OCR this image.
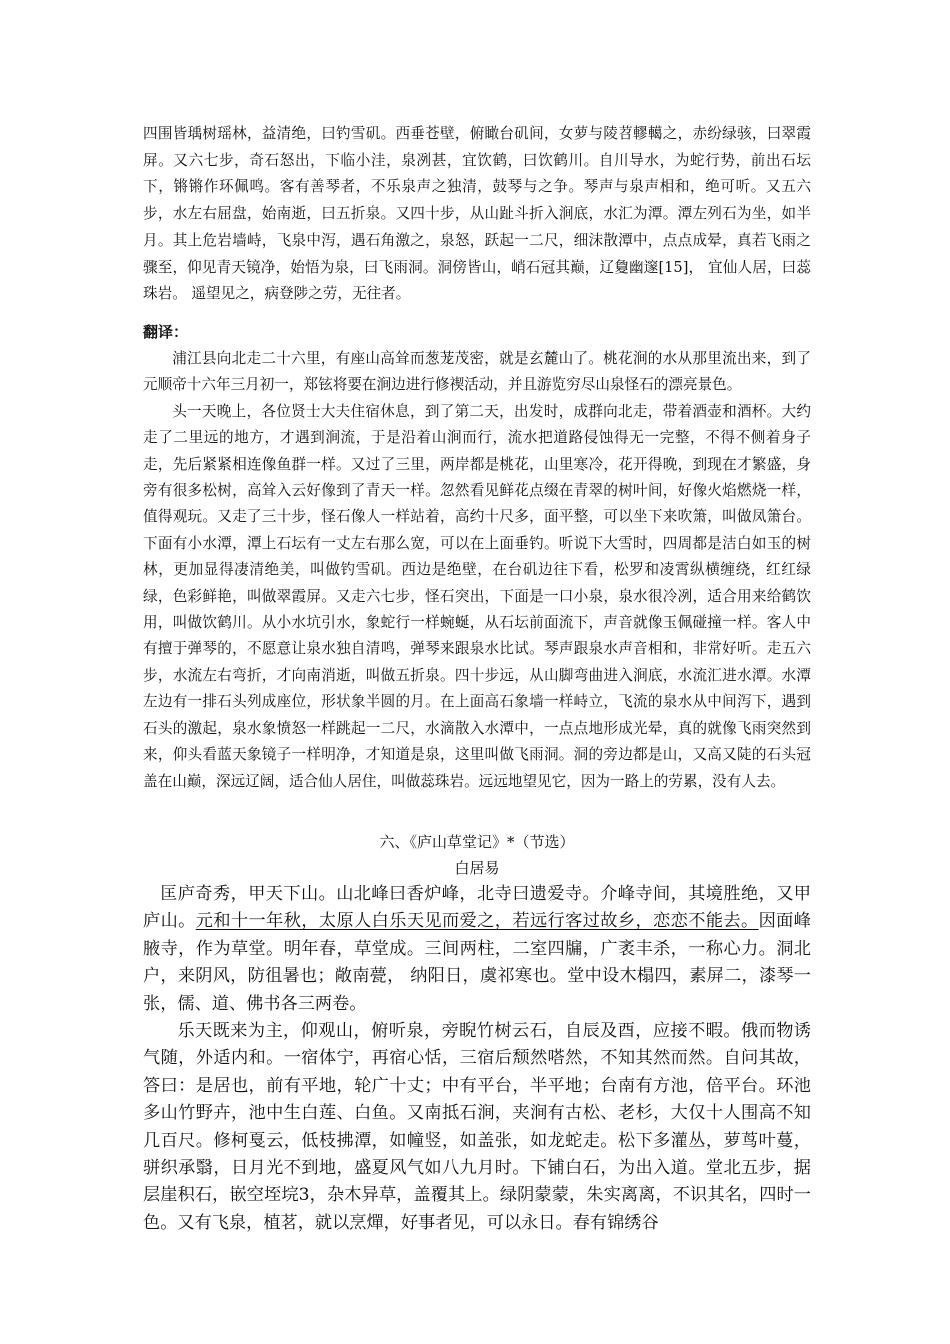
四围皆瑀树瑶林，益清绝，曰钓雪矶。西垂苍壁，俯瞰台矶间，女萝与陵苕轇轕之，赤纷绿骇，曰翠霞屏。又六七步，奇石怒出，下临小洼，泉冽甚，宜饮鹤，曰饮鹤川。自川导水，为蛇行势，前出石坛下，锵锵作环佩鸣。客有善琴者，不乐泉声之独清，鼓琴与之争。琴声与泉声相和，绝可听。又五六步，水左右屈盘，始南逝，曰五折泉。又四十步，从山趾斗折入涧底，水汇为潭。潭左列石为坐，如半月。其上危岩墙峙，飞泉中泻，遇石角激之，泉怒，跃起一二尺，细沫散潭中，点点成晕，真若飞雨之骤至，仰见青天镜净，始悟为泉，曰飞雨洞。洞傍皆山，峭石冠其巅，辽敻幽邃[15]， 宜仙人居，曰蕊珠岩。 遥望见之，病登陟之劳，无往者。

翻译：

浦江县向北走二十六里，有座山高耸而葱茏茂密，就是玄麓山了。桃花涧的水从那里流出来，到了元顺帝十六年三月初一，郑铉将要在涧边进行修禊活动，并且游览穷尽山泉怪石的漂亮景色。

头一天晚上，各位贤士大夫住宿休息，到了第二天，出发时，成群向北走，带着酒壶和酒杯。大约走了二里远的地方，才遇到涧流，于是沿着山涧而行，流水把道路侵蚀得无一完整，不得不侧着身子走，先后紧紧相连像鱼群一样。又过了三里，两岸都是桃花，山里寒冷，花开得晚，到现在才繁盛，身旁有很多松树，高耸入云好像到了青天一样。忽然看见鲜花点缀在青翠的树叶间，好像火焰燃烧一样，值得观玩。又走了三十步，怪石像人一样站着，高约十尺多，面平整，可以坐下来吹箫，叫做凤箫台。下面有小水潭，潭上石坛有一丈左右那么宽，可以在上面垂钓。听说下大雪时，四周都是洁白如玉的树林，更加显得凄清绝美，叫做钓雪矶。西边是绝壁，在台矶边往下看，松罗和凌霄纵横缠绕，红红绿绿，色彩鲜艳，叫做翠霞屏。又走六七步，怪石突出，下面是一口小泉，泉水很冷冽，适合用来给鹤饮用，叫做饮鹤川。从小水坑引水，象蛇行一样蜿蜒，从石坛前面流下，声音就像玉佩碰撞一样。客人中有擅于弹琴的，不愿意让泉水独自清鸣，弹琴来跟泉水比试。琴声跟泉水声音相和，非常好听。走五六步，水流左右弯折，才向南消逝，叫做五折泉。四十步远，从山脚弯曲进入涧底，水流汇进水潭。水潭左边有一排石头列成座位，形状象半圆的月。在上面高石象墙一样峙立，飞流的泉水从中间泻下，遇到石头的激起，泉水象愤怒一样跳起一二尺，水滴散入水潭中，一点点地形成光晕，真的就像飞雨突然到来，仰头看蓝天象镜子一样明净，才知道是泉，这里叫做飞雨洞。洞的旁边都是山，又高又陡的石头冠盖在山巅，深远辽阔，适合仙人居住，叫做蕊珠岩。远远地望见它，因为一路上的劳累，没有人去。

六、《庐山草堂记》*（节选）

白居易

匡庐奇秀，甲天下山。山北峰曰香炉峰，北寺曰遗爱寺。介峰寺间，其境胜绝，又甲庐山。元和十一年秋，太原人白乐天见而爱之，若远行客过故乡，恋恋不能去。因面峰腋寺，作为草堂。明年春，草堂成。三间两柱，二室四牖，广袤丰杀，一称心力。洞北户，来阴风，防徂暑也；敞南甍， 纳阳日，虞祁寒也。堂中设木榻四，素屏二，漆琴一张，儒、道、佛书各三两卷。

乐天既来为主，仰观山，俯听泉，旁睨竹树云石，自辰及酉，应接不暇。俄而物诱气随，外适内和。一宿体宁，再宿心恬，三宿后颓然嗒然，不知其然而然。自问其故，答曰：是居也，前有平地，轮广十丈；中有平台，半平地；台南有方池，倍平台。环池多山竹野卉，池中生白莲、白鱼。又南抵石涧，夹涧有古松、老杉，大仅十人围高不知几百尺。修柯戛云，低枝拂潭，如幢竖，如盖张，如龙蛇走。松下多灌丛，萝茑叶蔓，骈织承翳，日月光不到地，盛夏风气如八九月时。下铺白石，为出入道。堂北五步，据层崖积石，嵌空垤垸3，杂木异草，盖覆其上。绿阴蒙蒙，朱实离离，不识其名，四时一色。又有飞泉，植茗，就以烹燀，好事者见，可以永日。春有锦绣谷
